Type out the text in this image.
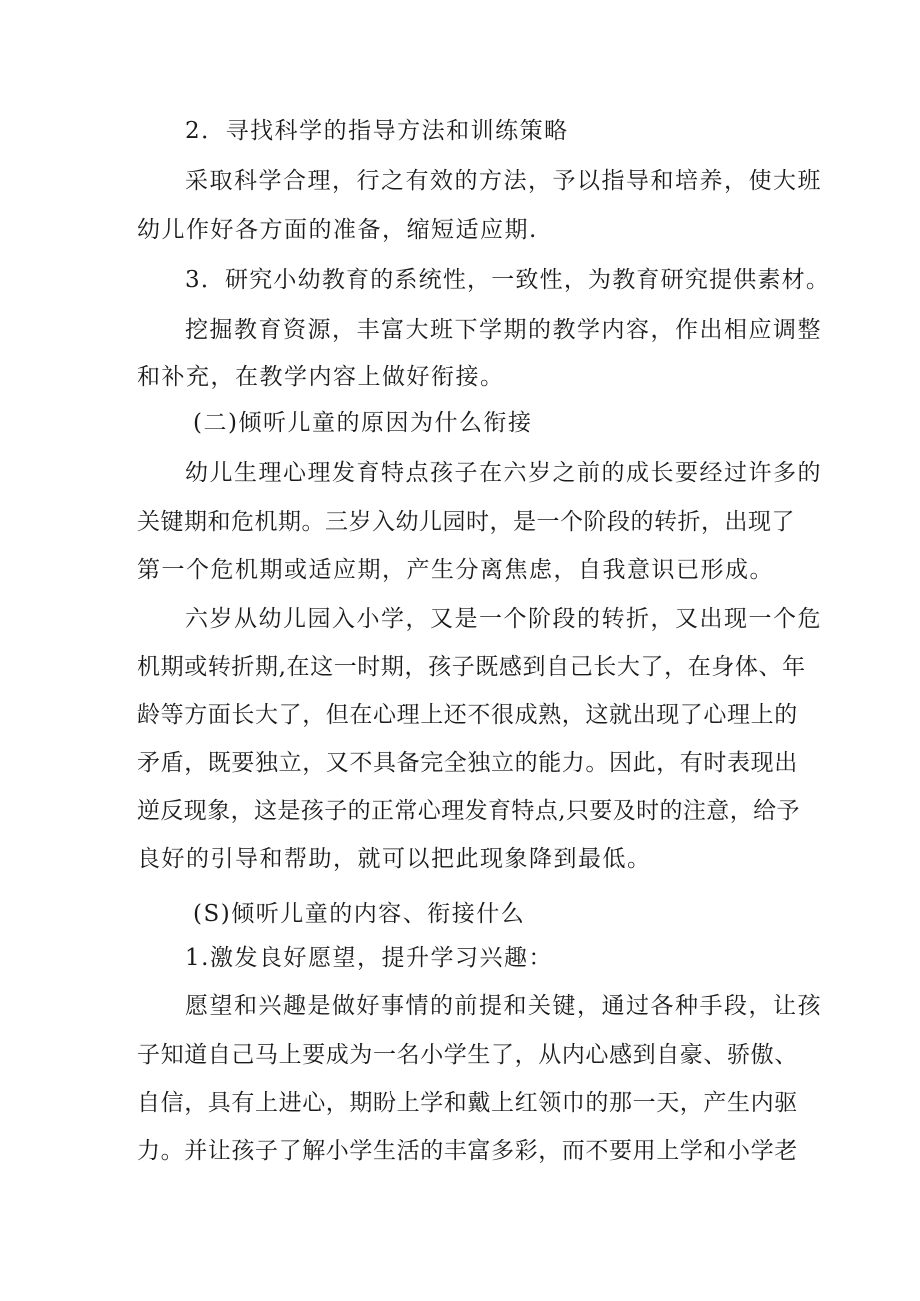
2．寻找科学的指导方法和训练策略
采取科学合理，行之有效的方法，予以指导和培养，使大班
幼儿作好各方面的准备，缩短适应期.
3．研究小幼教育的系统性，一致性，为教育研究提供素材。
挖掘教育资源，丰富大班下学期的教学内容，作出相应调整
和补充，在教学内容上做好衔接。
(二)倾听儿童的原因为什么衔接
幼儿生理心理发育特点孩子在六岁之前的成长要经过许多的
关键期和危机期。三岁入幼儿园时，是一个阶段的转折，出现了
第一个危机期或适应期，产生分离焦虑，自我意识已形成。
六岁从幼儿园入小学，又是一个阶段的转折，又出现一个危
机期或转折期,在这一时期，孩子既感到自己长大了，在身体、年
龄等方面长大了，但在心理上还不很成熟，这就出现了心理上的
矛盾，既要独立，又不具备完全独立的能力。因此，有时表现出
逆反现象，这是孩子的正常心理发育特点,只要及时的注意，给予
良好的引导和帮助，就可以把此现象降到最低。
(S)倾听儿童的内容、衔接什么
1.激发良好愿望，提升学习兴趣：
愿望和兴趣是做好事情的前提和关键，通过各种手段，让孩
子知道自己马上要成为一名小学生了，从内心感到自豪、骄傲、
自信，具有上进心，期盼上学和戴上红领巾的那一天，产生内驱
力。并让孩子了解小学生活的丰富多彩，而不要用上学和小学老
